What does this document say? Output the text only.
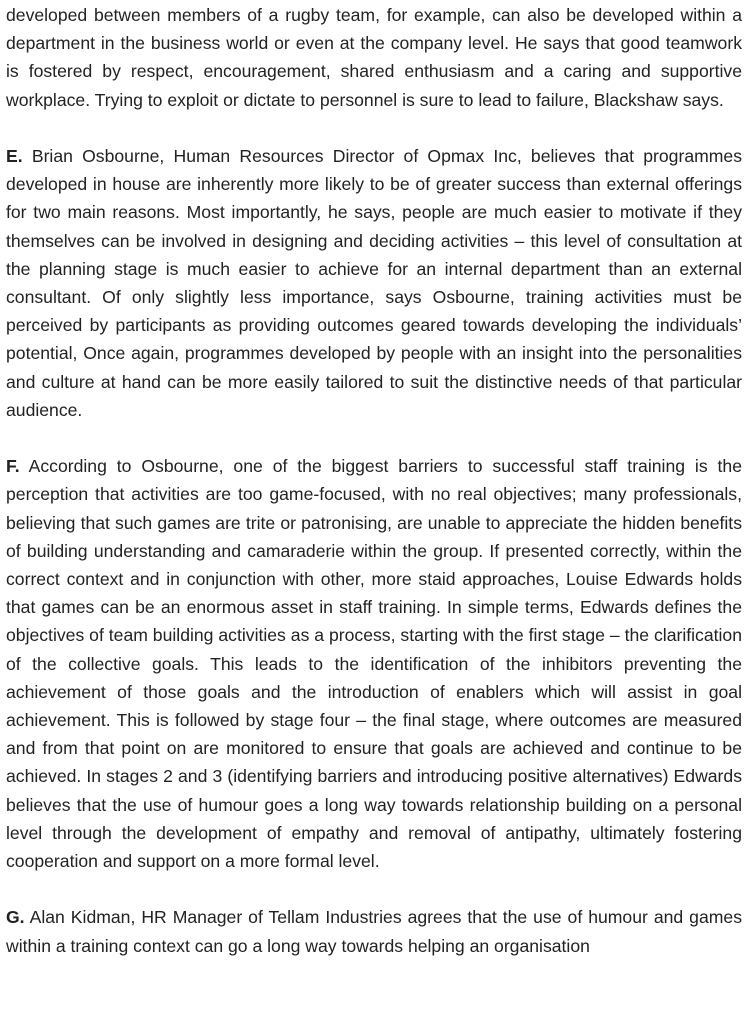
developed between members of a rugby team, for example, can also be developed within a department in the business world or even at the company level. He says that good teamwork is fostered by respect, encouragement, shared enthusiasm and a caring and supportive workplace. Trying to exploit or dictate to personnel is sure to lead to failure, Blackshaw says.

E. Brian Osbourne, Human Resources Director of Opmax Inc, believes that programmes developed in house are inherently more likely to be of greater success than external offerings for two main reasons. Most importantly, he says, people are much easier to motivate if they themselves can be involved in designing and deciding activities – this level of consultation at the planning stage is much easier to achieve for an internal department than an external consultant. Of only slightly less importance, says Osbourne, training activities must be perceived by participants as providing outcomes geared towards developing the individuals’ potential, Once again, programmes developed by people with an insight into the personalities and culture at hand can be more easily tailored to suit the distinctive needs of that particular audience.

F. According to Osbourne, one of the biggest barriers to successful staff training is the perception that activities are too game-focused, with no real objectives; many professionals, believing that such games are trite or patronising, are unable to appreciate the hidden benefits of building understanding and camaraderie within the group. If presented correctly, within the correct context and in conjunction with other, more staid approaches, Louise Edwards holds that games can be an enormous asset in staff training. In simple terms, Edwards defines the objectives of team building activities as a process, starting with the first stage – the clarification of the collective goals. This leads to the identification of the inhibitors preventing the achievement of those goals and the introduction of enablers which will assist in goal achievement. This is followed by stage four – the final stage, where outcomes are measured and from that point on are monitored to ensure that goals are achieved and continue to be achieved. In stages 2 and 3 (identifying barriers and introducing positive alternatives) Edwards believes that the use of humour goes a long way towards relationship building on a personal level through the development of empathy and removal of antipathy, ultimately fostering cooperation and support on a more formal level.

G. Alan Kidman, HR Manager of Tellam Industries agrees that the use of humour and games within a training context can go a long way towards helping an organisation
